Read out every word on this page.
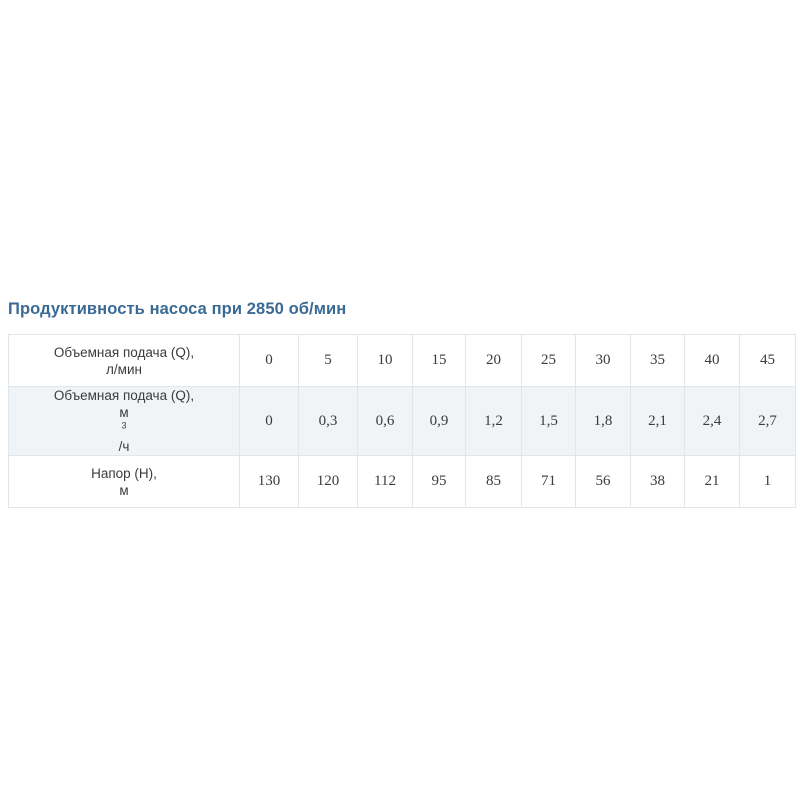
Продуктивность насоса при 2850 об/мин
Объемная подача (Q),
л/мин	0	5	10	15	20	25	30	35	40	45

Объемная подача (Q),
м
$^3$
/ч	0	0,3	0,6	0,9	1,2	1,5	1,8	2,1	2,4	2,7

Напор (Н),
м	130	120	112	95	85	71	56	38	21	1
